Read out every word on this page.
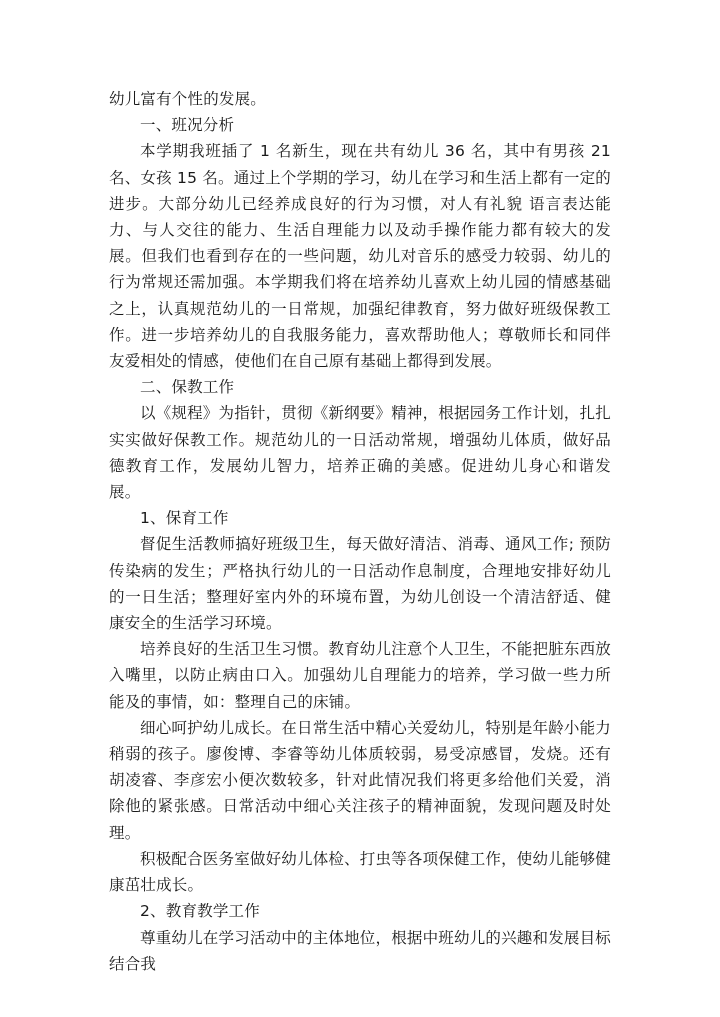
幼儿富有个性的发展。

一、班况分析

本学期我班插了 1 名新生，现在共有幼儿 36 名，其中有男孩 21 名、女孩 15 名。通过上个学期的学习，幼儿在学习和生活上都有一定的进步。大部分幼儿已经养成良好的行为习惯，对人有礼貌 语言表达能力、与人交往的能力、生活自理能力以及动手操作能力都有较大的发展。但我们也看到存在的一些问题，幼儿对音乐的感受力较弱、幼儿的行为常规还需加强。本学期我们将在培养幼儿喜欢上幼儿园的情感基础之上，认真规范幼儿的一日常规，加强纪律教育，努力做好班级保教工作。进一步培养幼儿的自我服务能力，喜欢帮助他人；尊敬师长和同伴友爱相处的情感，使他们在自己原有基础上都得到发展。

二、保教工作

以《规程》为指针，贯彻《新纲要》精神，根据园务工作计划，扎扎实实做好保教工作。规范幼儿的一日活动常规，增强幼儿体质，做好品德教育工作，发展幼儿智力，培养正确的美感。促进幼儿身心和谐发展。

1、保育工作

督促生活教师搞好班级卫生，每天做好清洁、消毒、通风工作; 预防传染病的发生；严格执行幼儿的一日活动作息制度，合理地安排好幼儿的一日生活；整理好室内外的环境布置，为幼儿创设一个清洁舒适、健康安全的生活学习环境。

培养良好的生活卫生习惯。教育幼儿注意个人卫生，不能把脏东西放入嘴里，以防止病由口入。加强幼儿自理能力的培养，学习做一些力所能及的事情，如：整理自己的床铺。

细心呵护幼儿成长。在日常生活中精心关爱幼儿，特别是年龄小能力稍弱的孩子。廖俊博、李睿等幼儿体质较弱，易受凉感冒，发烧。还有胡凌睿、李彦宏小便次数较多，针对此情况我们将更多给他们关爱，消除他的紧张感。日常活动中细心关注孩子的精神面貌，发现问题及时处理。

积极配合医务室做好幼儿体检、打虫等各项保健工作，使幼儿能够健康茁壮成长。

2、教育教学工作

尊重幼儿在学习活动中的主体地位，根据中班幼儿的兴趣和发展目标结合我
